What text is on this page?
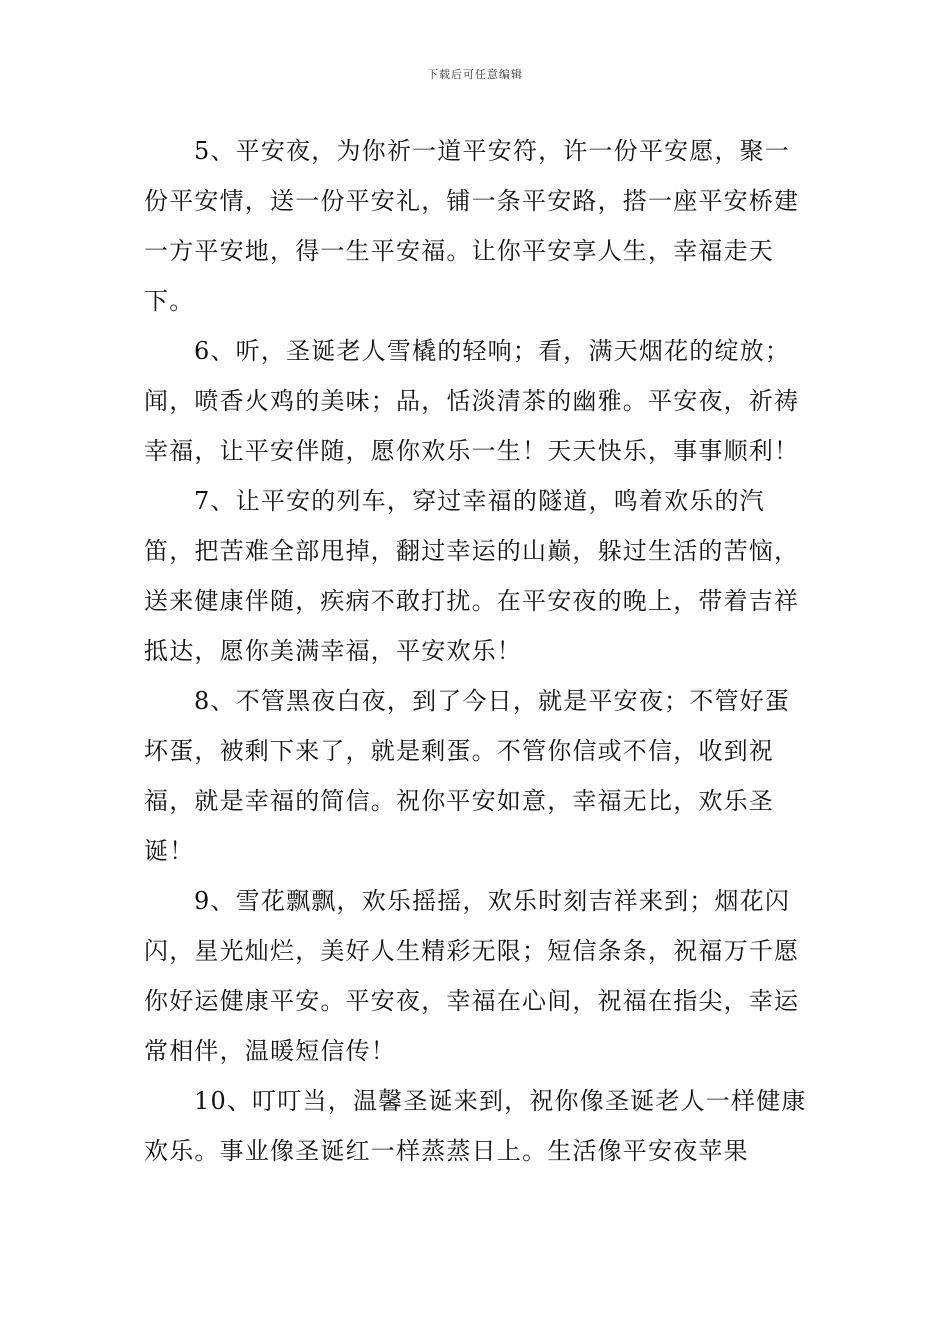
下载后可任意编辑

5、平安夜，为你祈一道平安符，许一份平安愿，聚一份平安情，送一份平安礼，铺一条平安路，搭一座平安桥建一方平安地，得一生平安福。让你平安享人生，幸福走天下。

6、听，圣诞老人雪橇的轻响；看，满天烟花的绽放；闻，喷香火鸡的美味；品，恬淡清茶的幽雅。平安夜，祈祷幸福，让平安伴随，愿你欢乐一生！天天快乐，事事顺利！

7、让平安的列车，穿过幸福的隧道，鸣着欢乐的汽笛，把苦难全部甩掉，翻过幸运的山巅，躲过生活的苦恼，送来健康伴随，疾病不敢打扰。在平安夜的晚上，带着吉祥抵达，愿你美满幸福，平安欢乐！

8、不管黑夜白夜，到了今日，就是平安夜；不管好蛋坏蛋，被剩下来了，就是剩蛋。不管你信或不信，收到祝福，就是幸福的简信。祝你平安如意，幸福无比，欢乐圣诞！

9、雪花飘飘，欢乐摇摇，欢乐时刻吉祥来到；烟花闪闪，星光灿烂，美好人生精彩无限；短信条条，祝福万千愿你好运健康平安。平安夜，幸福在心间，祝福在指尖，幸运常相伴，温暖短信传！

10、叮叮当，温馨圣诞来到，祝你像圣诞老人一样健康欢乐。事业像圣诞红一样蒸蒸日上。生活像平安夜苹果
